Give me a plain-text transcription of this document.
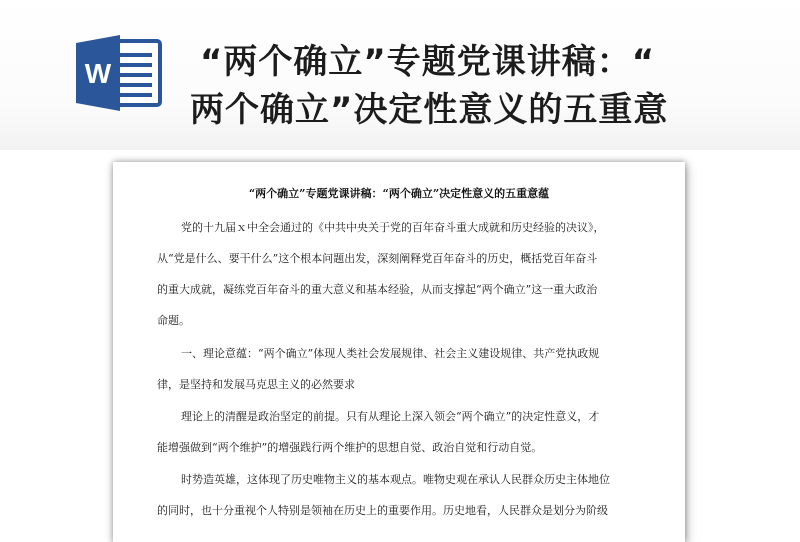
W	“两个确立”专题党课讲稿：“
两个确立”决定性意义的五重意
“两个确立”专题党课讲稿：“两个确立”决定性意义的五重意蕴
党的十九届ｘ中全会通过的《中共中央关于党的百年奋斗重大成就和历史经验的决议》，
从“党是什么、要干什么”这个根本问题出发，深刻阐释党百年奋斗的历史，概括党百年奋斗
的重大成就，凝练党百年奋斗的重大意义和基本经验，从而支撑起“两个确立”这一重大政治
命题。
一、理论意蕴：“两个确立”体现人类社会发展规律、社会主义建设规律、共产党执政规
律，是坚持和发展马克思主义的必然要求
理论上的清醒是政治坚定的前提。只有从理论上深入领会“两个确立”的决定性意义，才
能增强做到“两个维护”的增强践行两个维护的思想自觉、政治自觉和行动自觉。
时势造英雄，这体现了历史唯物主义的基本观点。唯物史观在承认人民群众历史主体地位
的同时，也十分重视个人特别是领袖在历史上的重要作用。历史地看，人民群众是划分为阶级
